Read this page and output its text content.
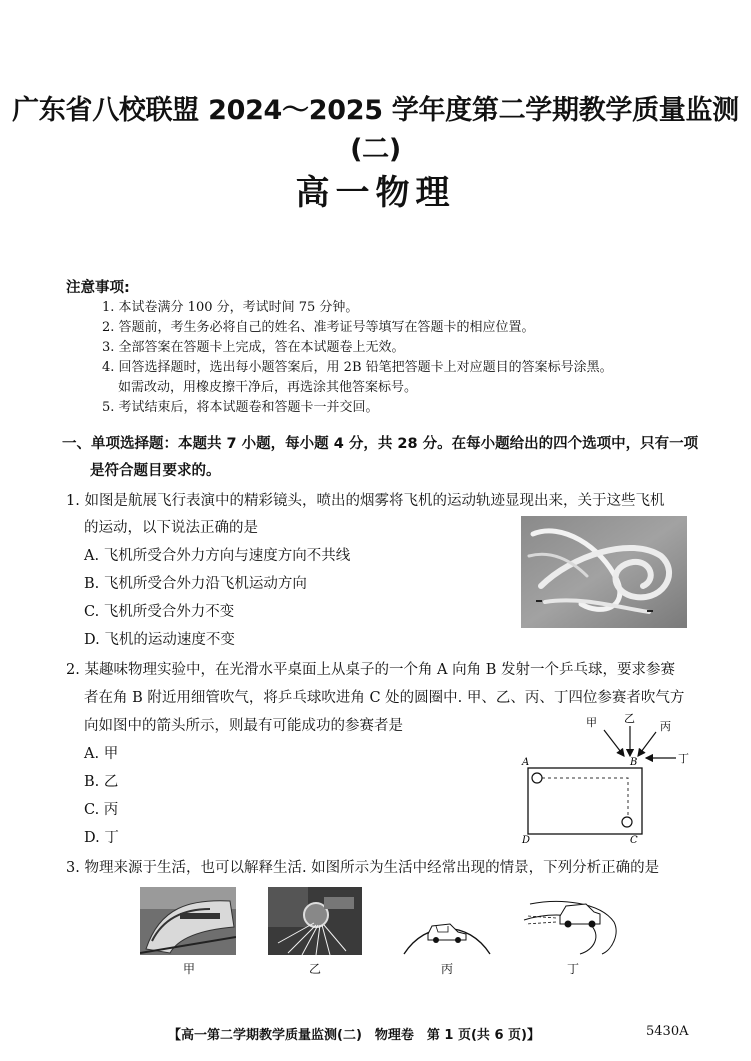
广东省八校联盟 2024～2025 学年度第二学期教学质量监测(二)
高一物理
注意事项:
1. 本试卷满分 100 分，考试时间 75 分钟。
2. 答题前，考生务必将自己的姓名、准考证号等填写在答题卡的相应位置。
3. 全部答案在答题卡上完成，答在本试题卷上无效。
4. 回答选择题时，选出每小题答案后，用 2B 铅笔把答题卡上对应题目的答案标号涂黑。
如需改动，用橡皮擦干净后，再选涂其他答案标号。
5. 考试结束后，将本试题卷和答题卡一并交回。
一、单项选择题：本题共 7 小题，每小题 4 分，共 28 分。在每小题给出的四个选项中，只有一项
是符合题目要求的。
1. 如图是航展飞行表演中的精彩镜头，喷出的烟雾将飞机的运动轨迹显现出来，关于这些飞机
的运动，以下说法正确的是
A. 飞机所受合外力方向与速度方向不共线
B. 飞机所受合外力沿飞机运动方向
C. 飞机所受合外力不变
D. 飞机的运动速度不变
2. 某趣味物理实验中，在光滑水平桌面上从桌子的一个角 A 向角 B 发射一个乒乓球，要求参赛
者在角 B 附近用细管吹气，将乒乓球吹进角 C 处的圆圈中. 甲、乙、丙、丁四位参赛者吹气方
向如图中的箭头所示，则最有可能成功的参赛者是
A. 甲
B. 乙
C. 丙
D. 丁
甲 乙
丙
丁
A	B
C
D
3. 物理来源于生活，也可以解释生活. 如图所示为生活中经常出现的情景，下列分析正确的是
甲	乙	丙	丁
【高一第二学期教学质量监测(二)　物理卷　第 1 页(共 6 页)】	5430A
